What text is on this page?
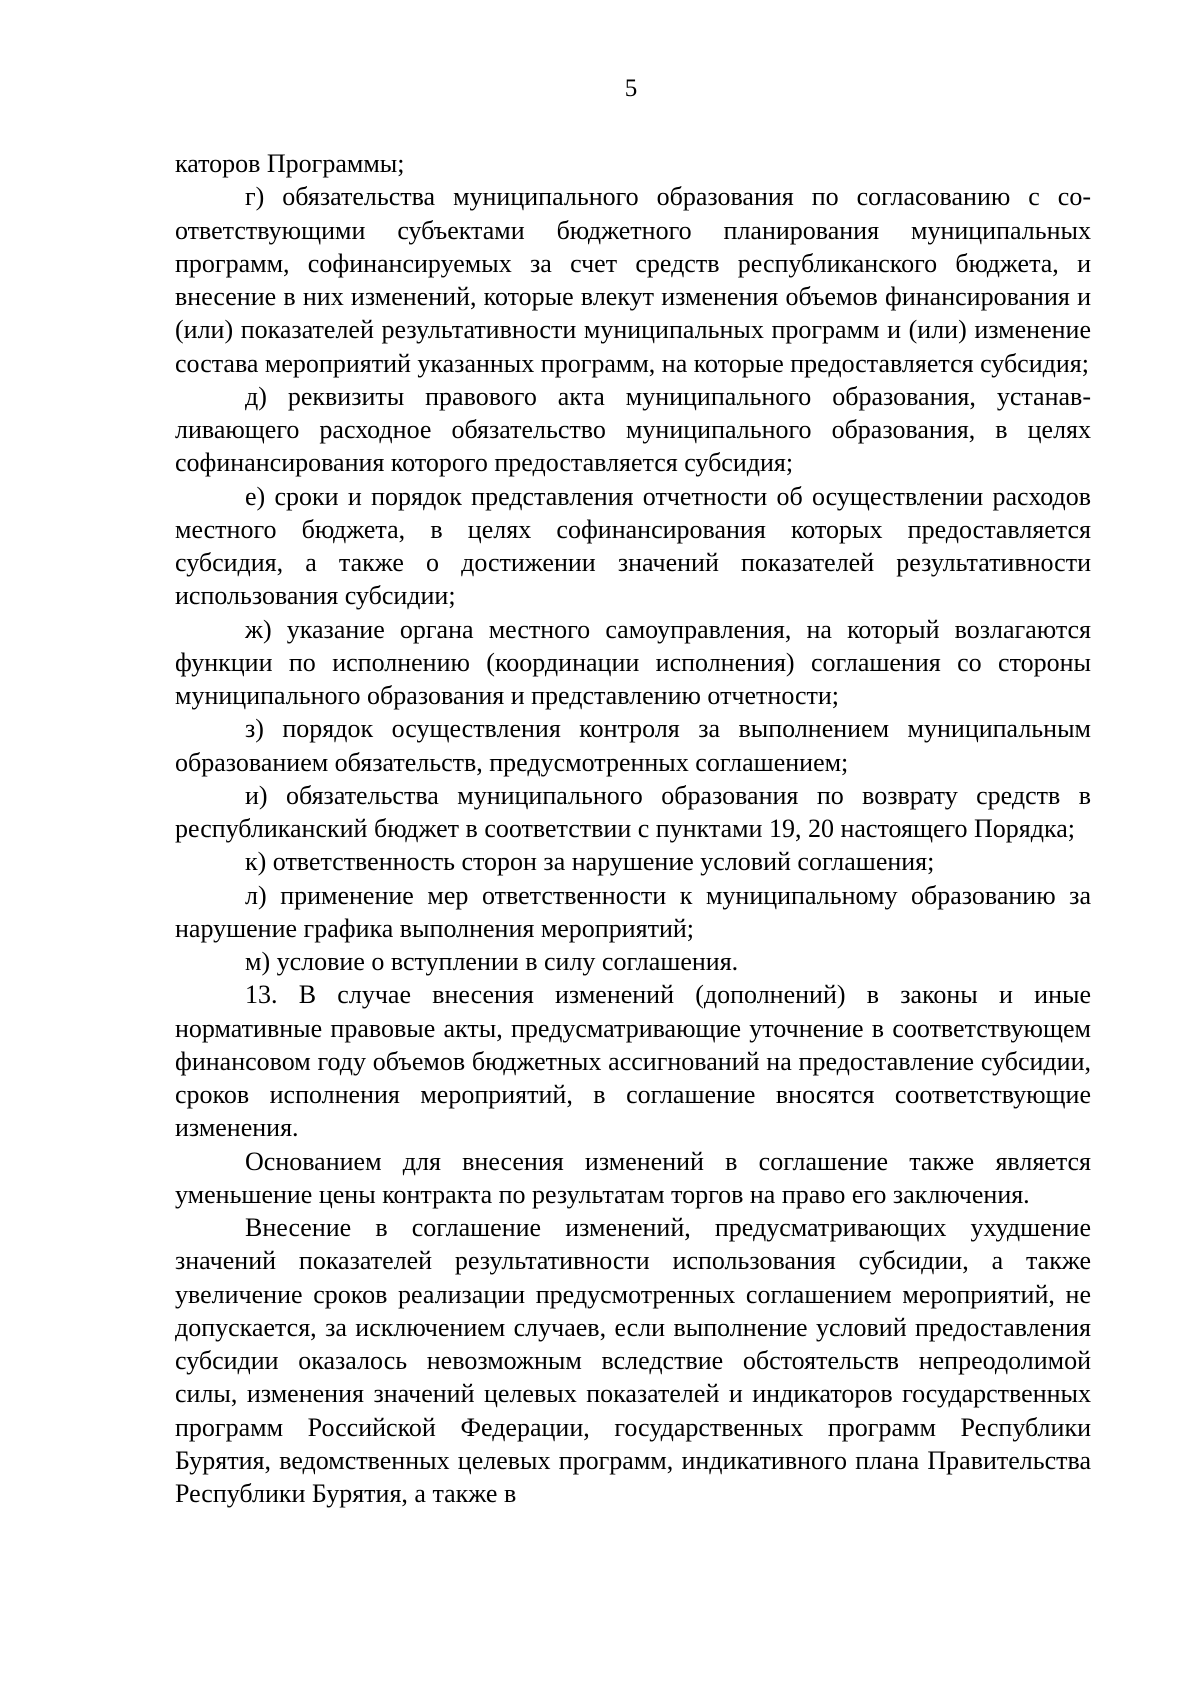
5

каторов Программы;

г) обязательства муниципального образования по согласованию с соответствующими субъектами бюджетного планирования муниципальных программ, софинансируемых за счет средств республиканского бюджета, и внесение в них изменений, которые влекут изменения объемов финансирования и (или) показателей результативности муниципальных программ и (или) изменение состава мероприятий указанных программ, на которые предоставляется субсидия;

д) реквизиты правового акта муниципального образования, устанавливающего расходное обязательство муниципального образования, в целях софинансирования которого предоставляется субсидия;

е) сроки и порядок представления отчетности об осуществлении расходов местного бюджета, в целях софинансирования которых предоставляется субсидия, а также о достижении значений показателей результативности использования субсидии;

ж) указание органа местного самоуправления, на который возлагаются функции по исполнению (координации исполнения) соглашения со стороны муниципального образования и представлению отчетности;

з) порядок осуществления контроля за выполнением муниципальным образованием обязательств, предусмотренных соглашением;

и) обязательства муниципального образования по возврату средств в республиканский бюджет в соответствии с пунктами 19, 20 настоящего Порядка;

к) ответственность сторон за нарушение условий соглашения;

л) применение мер ответственности к муниципальному образованию за нарушение графика выполнения мероприятий;

м) условие о вступлении в силу соглашения.

13. В случае внесения изменений (дополнений) в законы и иные нормативные правовые акты, предусматривающие уточнение в соответствующем финансовом году объемов бюджетных ассигнований на предоставление субсидии, сроков исполнения мероприятий, в соглашение вносятся соответствующие изменения.

Основанием для внесения изменений в соглашение также является уменьшение цены контракта по результатам торгов на право его заключения.

Внесение в соглашение изменений, предусматривающих ухудшение значений показателей результативности использования субсидии, а также увеличение сроков реализации предусмотренных соглашением мероприятий, не допускается, за исключением случаев, если выполнение условий предоставления субсидии оказалось невозможным вследствие обстоятельств непреодолимой силы, изменения значений целевых показателей и индикаторов государственных программ Российской Федерации, государственных программ Республики Бурятия, ведомственных целевых программ, индикативного плана Правительства Республики Бурятия, а также в
